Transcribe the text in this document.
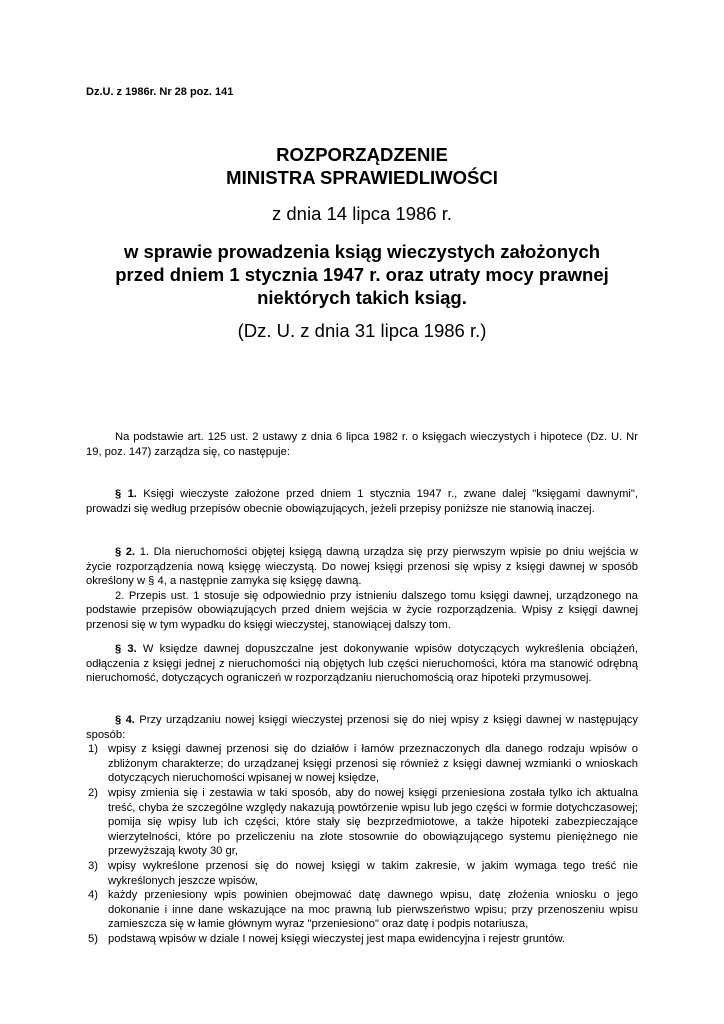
Dz.U. z 1986r. Nr 28 poz. 141
ROZPORZĄDZENIE
MINISTRA SPRAWIEDLIWOŚCI
z dnia 14 lipca 1986 r.
w sprawie prowadzenia ksiąg wieczystych założonych
przed dniem 1 stycznia 1947 r. oraz utraty mocy prawnej
niektórych takich ksiąg.
(Dz. U. z dnia 31 lipca 1986 r.)

Na podstawie art. 125 ust. 2 ustawy z dnia 6 lipca 1982 r. o księgach wieczystych i hipotece (Dz. U. Nr 19, poz. 147) zarządza się, co następuje:

§ 1. Księgi wieczyste założone przed dniem 1 stycznia 1947 r., zwane dalej "księgami dawnymi", prowadzi się według przepisów obecnie obowiązujących, jeżeli przepisy poniższe nie stanowią inaczej.

§ 2. 1. Dla nieruchomości objętej księgą dawną urządza się przy pierwszym wpisie po dniu wejścia w życie rozporządzenia nową księgę wieczystą. Do nowej księgi przenosi się wpisy z księgi dawnej w sposób określony w § 4, a następnie zamyka się księgę dawną.

2. Przepis ust. 1 stosuje się odpowiednio przy istnieniu dalszego tomu księgi dawnej, urządzonego na podstawie przepisów obowiązujących przed dniem wejścia w życie rozporządzenia. Wpisy z księgi dawnej przenosi się w tym wypadku do księgi wieczystej, stanowiącej dalszy tom.

§ 3. W księdze dawnej dopuszczalne jest dokonywanie wpisów dotyczących wykreślenia obciążeń, odłączenia z księgi jednej z nieruchomości nią objętych lub części nieruchomości, która ma stanowić odrębną nieruchomość, dotyczących ograniczeń w rozporządzaniu nieruchomością oraz hipoteki przymusowej.

§ 4. Przy urządzaniu nowej księgi wieczystej przenosi się do niej wpisy z księgi dawnej w następujący sposób:

1) wpisy z księgi dawnej przenosi się do działów i łamów przeznaczonych dla danego rodzaju wpisów o zbliżonym charakterze; do urządzanej księgi przenosi się również z księgi dawnej wzmianki o wnioskach dotyczących nieruchomości wpisanej w nowej księdze,
2) wpisy zmienia się i zestawia w taki sposób, aby do nowej księgi przeniesiona została tylko ich aktualna treść, chyba że szczególne względy nakazują powtórzenie wpisu lub jego części w formie dotychczasowej; pomija się wpisy lub ich części, które stały się bezprzedmiotowe, a także hipoteki zabezpieczające wierzytelności, które po przeliczeniu na złote stosownie do obowiązującego systemu pieniężnego nie przewyższają kwoty 30 gr,
3) wpisy wykreślone przenosi się do nowej księgi w takim zakresie, w jakim wymaga tego treść nie wykreślonych jeszcze wpisów,
4) każdy przeniesiony wpis powinien obejmować datę dawnego wpisu, datę złożenia wniosku o jego dokonanie i inne dane wskazujące na moc prawną lub pierwszeństwo wpisu; przy przenoszeniu wpisu zamieszcza się w łamie głównym wyraz "przeniesiono" oraz datę i podpis notariusza,
5) podstawą wpisów w dziale I nowej księgi wieczystej jest mapa ewidencyjna i rejestr gruntów.
